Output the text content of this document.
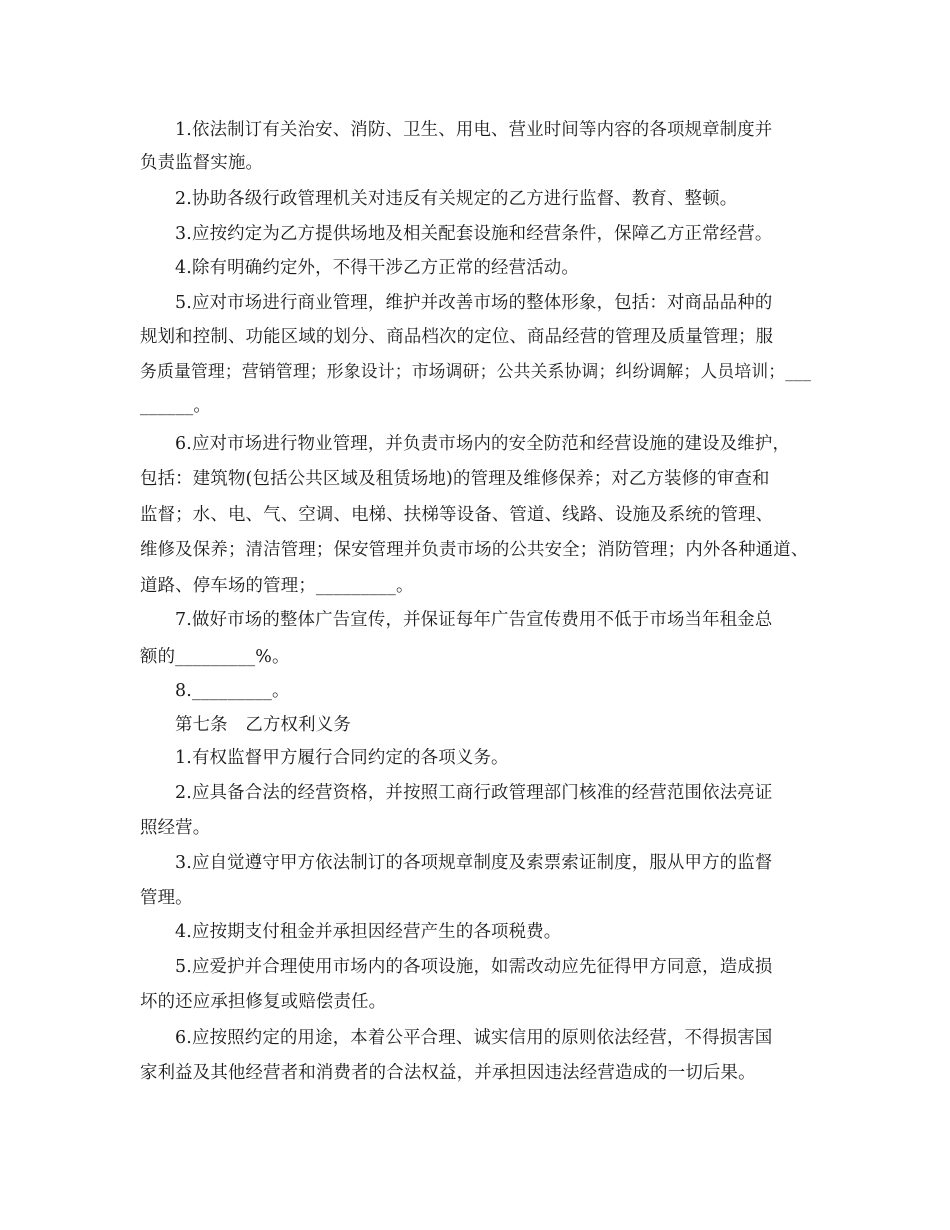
1.依法制订有关治安、消防、卫生、用电、营业时间等内容的各项规章制度并
负责监督实施。
2.协助各级行政管理机关对违反有关规定的乙方进行监督、教育、整顿。
3.应按约定为乙方提供场地及相关配套设施和经营条件，保障乙方正常经营。
4.除有明确约定外，不得干涉乙方正常的经营活动。
5.应对市场进行商业管理，维护并改善市场的整体形象，包括：对商品品种的
规划和控制、功能区域的划分、商品档次的定位、商品经营的管理及质量管理；服
务质量管理；营销管理；形象设计；市场调研；公共关系协调；纠纷调解；人员培训；___
______。
6.应对市场进行物业管理，并负责市场内的安全防范和经营设施的建设及维护，
包括：建筑物(包括公共区域及租赁场地)的管理及维修保养；对乙方装修的审查和
监督；水、电、气、空调、电梯、扶梯等设备、管道、线路、设施及系统的管理、
维修及保养；清洁管理；保安管理并负责市场的公共安全；消防管理；内外各种通道、
道路、停车场的管理；_________。
7.做好市场的整体广告宣传，并保证每年广告宣传费用不低于市场当年租金总
额的_________%。
8._________。
第七条　乙方权利义务
1.有权监督甲方履行合同约定的各项义务。
2.应具备合法的经营资格，并按照工商行政管理部门核准的经营范围依法亮证
照经营。
3.应自觉遵守甲方依法制订的各项规章制度及索票索证制度，服从甲方的监督
管理。
4.应按期支付租金并承担因经营产生的各项税费。
5.应爱护并合理使用市场内的各项设施，如需改动应先征得甲方同意，造成损
坏的还应承担修复或赔偿责任。
6.应按照约定的用途，本着公平合理、诚实信用的原则依法经营，不得损害国
家利益及其他经营者和消费者的合法权益，并承担因违法经营造成的一切后果。
